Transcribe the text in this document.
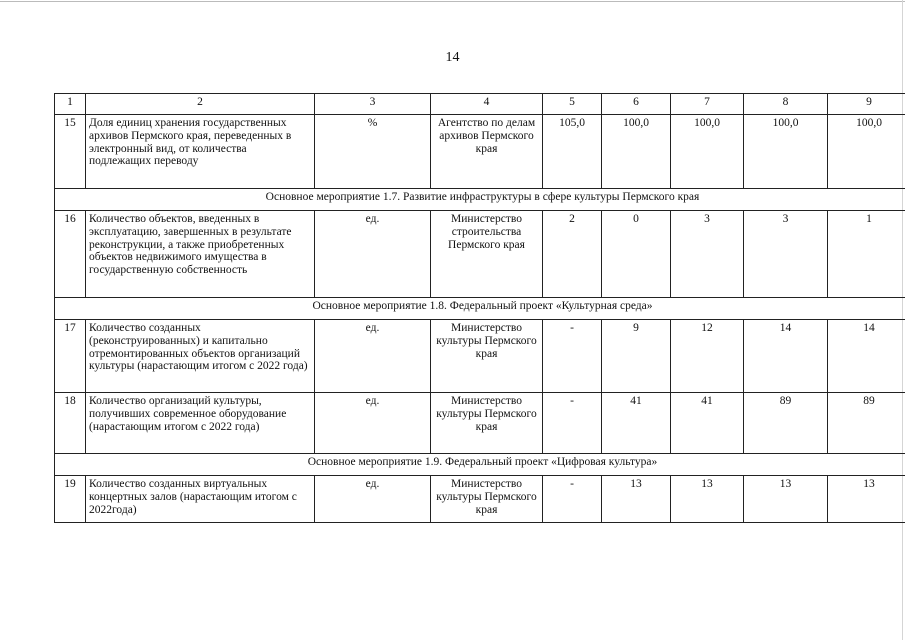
14
1	2	3	4	5	6	7	8	9
15	Доля единиц хранения государственных архивов Пермского края, переведенных в электронный вид, от количества подлежащих переводу	%	Агентство по делам архивов Пермского края	105,0	100,0	100,0	100,0	100,0
Основное мероприятие 1.7. Развитие инфраструктуры в сфере культуры Пермского края								
16	Количество объектов, введенных в эксплуатацию, завершенных в результате реконструкции, а также приобретенных объектов недвижимого имущества в государственную собственность	ед.	Министерство строительства Пермского края	2	0	3	3	1
Основное мероприятие 1.8. Федеральный проект «Культурная среда»								
17	Количество созданных (реконструированных) и капитально отремонтированных объектов организаций культуры (нарастающим итогом с 2022 года)	ед.	Министерство культуры Пермского края	-	9	12	14	14
18	Количество организаций культуры, получивших современное оборудование (нарастающим итогом с 2022 года)	ед.	Министерство культуры Пермского края	-	41	41	89	89
Основное мероприятие 1.9. Федеральный проект «Цифровая культура»								
19	Количество созданных виртуальных концертных залов (нарастающим итогом с 2022года)	ед.	Министерство культуры Пермского края	-	13	13	13	13
